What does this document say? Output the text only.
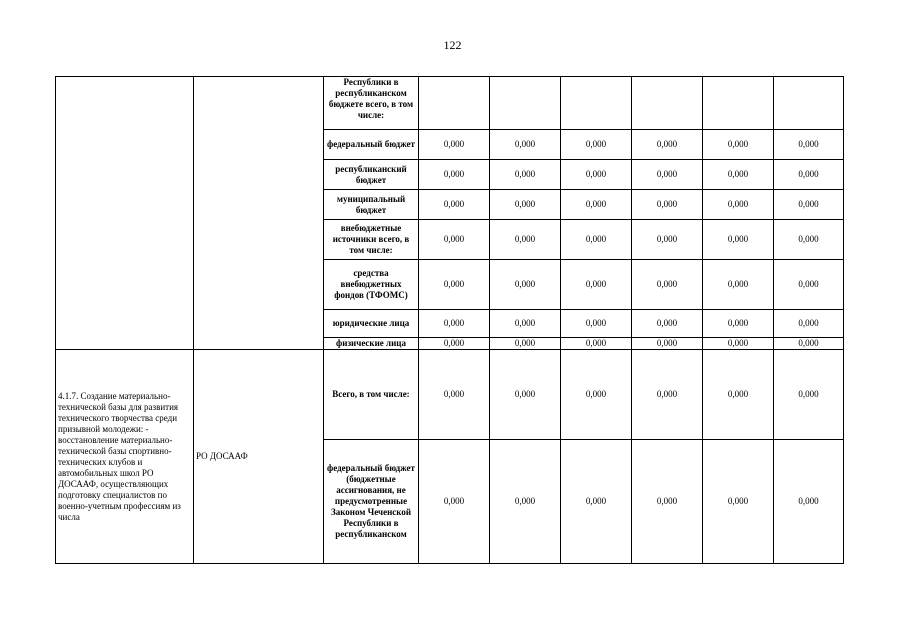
122
		Республики в республиканском бюджете всего, в том числе:						
		федеральный бюджет	0,000	0,000	0,000	0,000	0,000	0,000
		республиканский бюджет	0,000	0,000	0,000	0,000	0,000	0,000
		муниципальный бюджет	0,000	0,000	0,000	0,000	0,000	0,000
		внебюджетные источники всего, в том числе:	0,000	0,000	0,000	0,000	0,000	0,000
		средства внебюджетных фондов (ТФОМС)	0,000	0,000	0,000	0,000	0,000	0,000
		юридические лица	0,000	0,000	0,000	0,000	0,000	0,000
		физические лица	0,000	0,000	0,000	0,000	0,000	0,000
4.1.7. Создание материально-технической базы для развития технического творчества среди призывной молодежи: - восстановление материально-технической базы спортивно-технических клубов и автомобильных школ РО ДОСААФ, осуществляющих подготовку специалистов по военно-учетным профессиям из числа	РО ДОСААФ	Всего, в том числе:	0,000	0,000	0,000	0,000	0,000	0,000
		федеральный бюджет (бюджетные ассигнования, не предусмотренные Законом Чеченской Республики в республиканском	0,000	0,000	0,000	0,000	0,000	0,000
